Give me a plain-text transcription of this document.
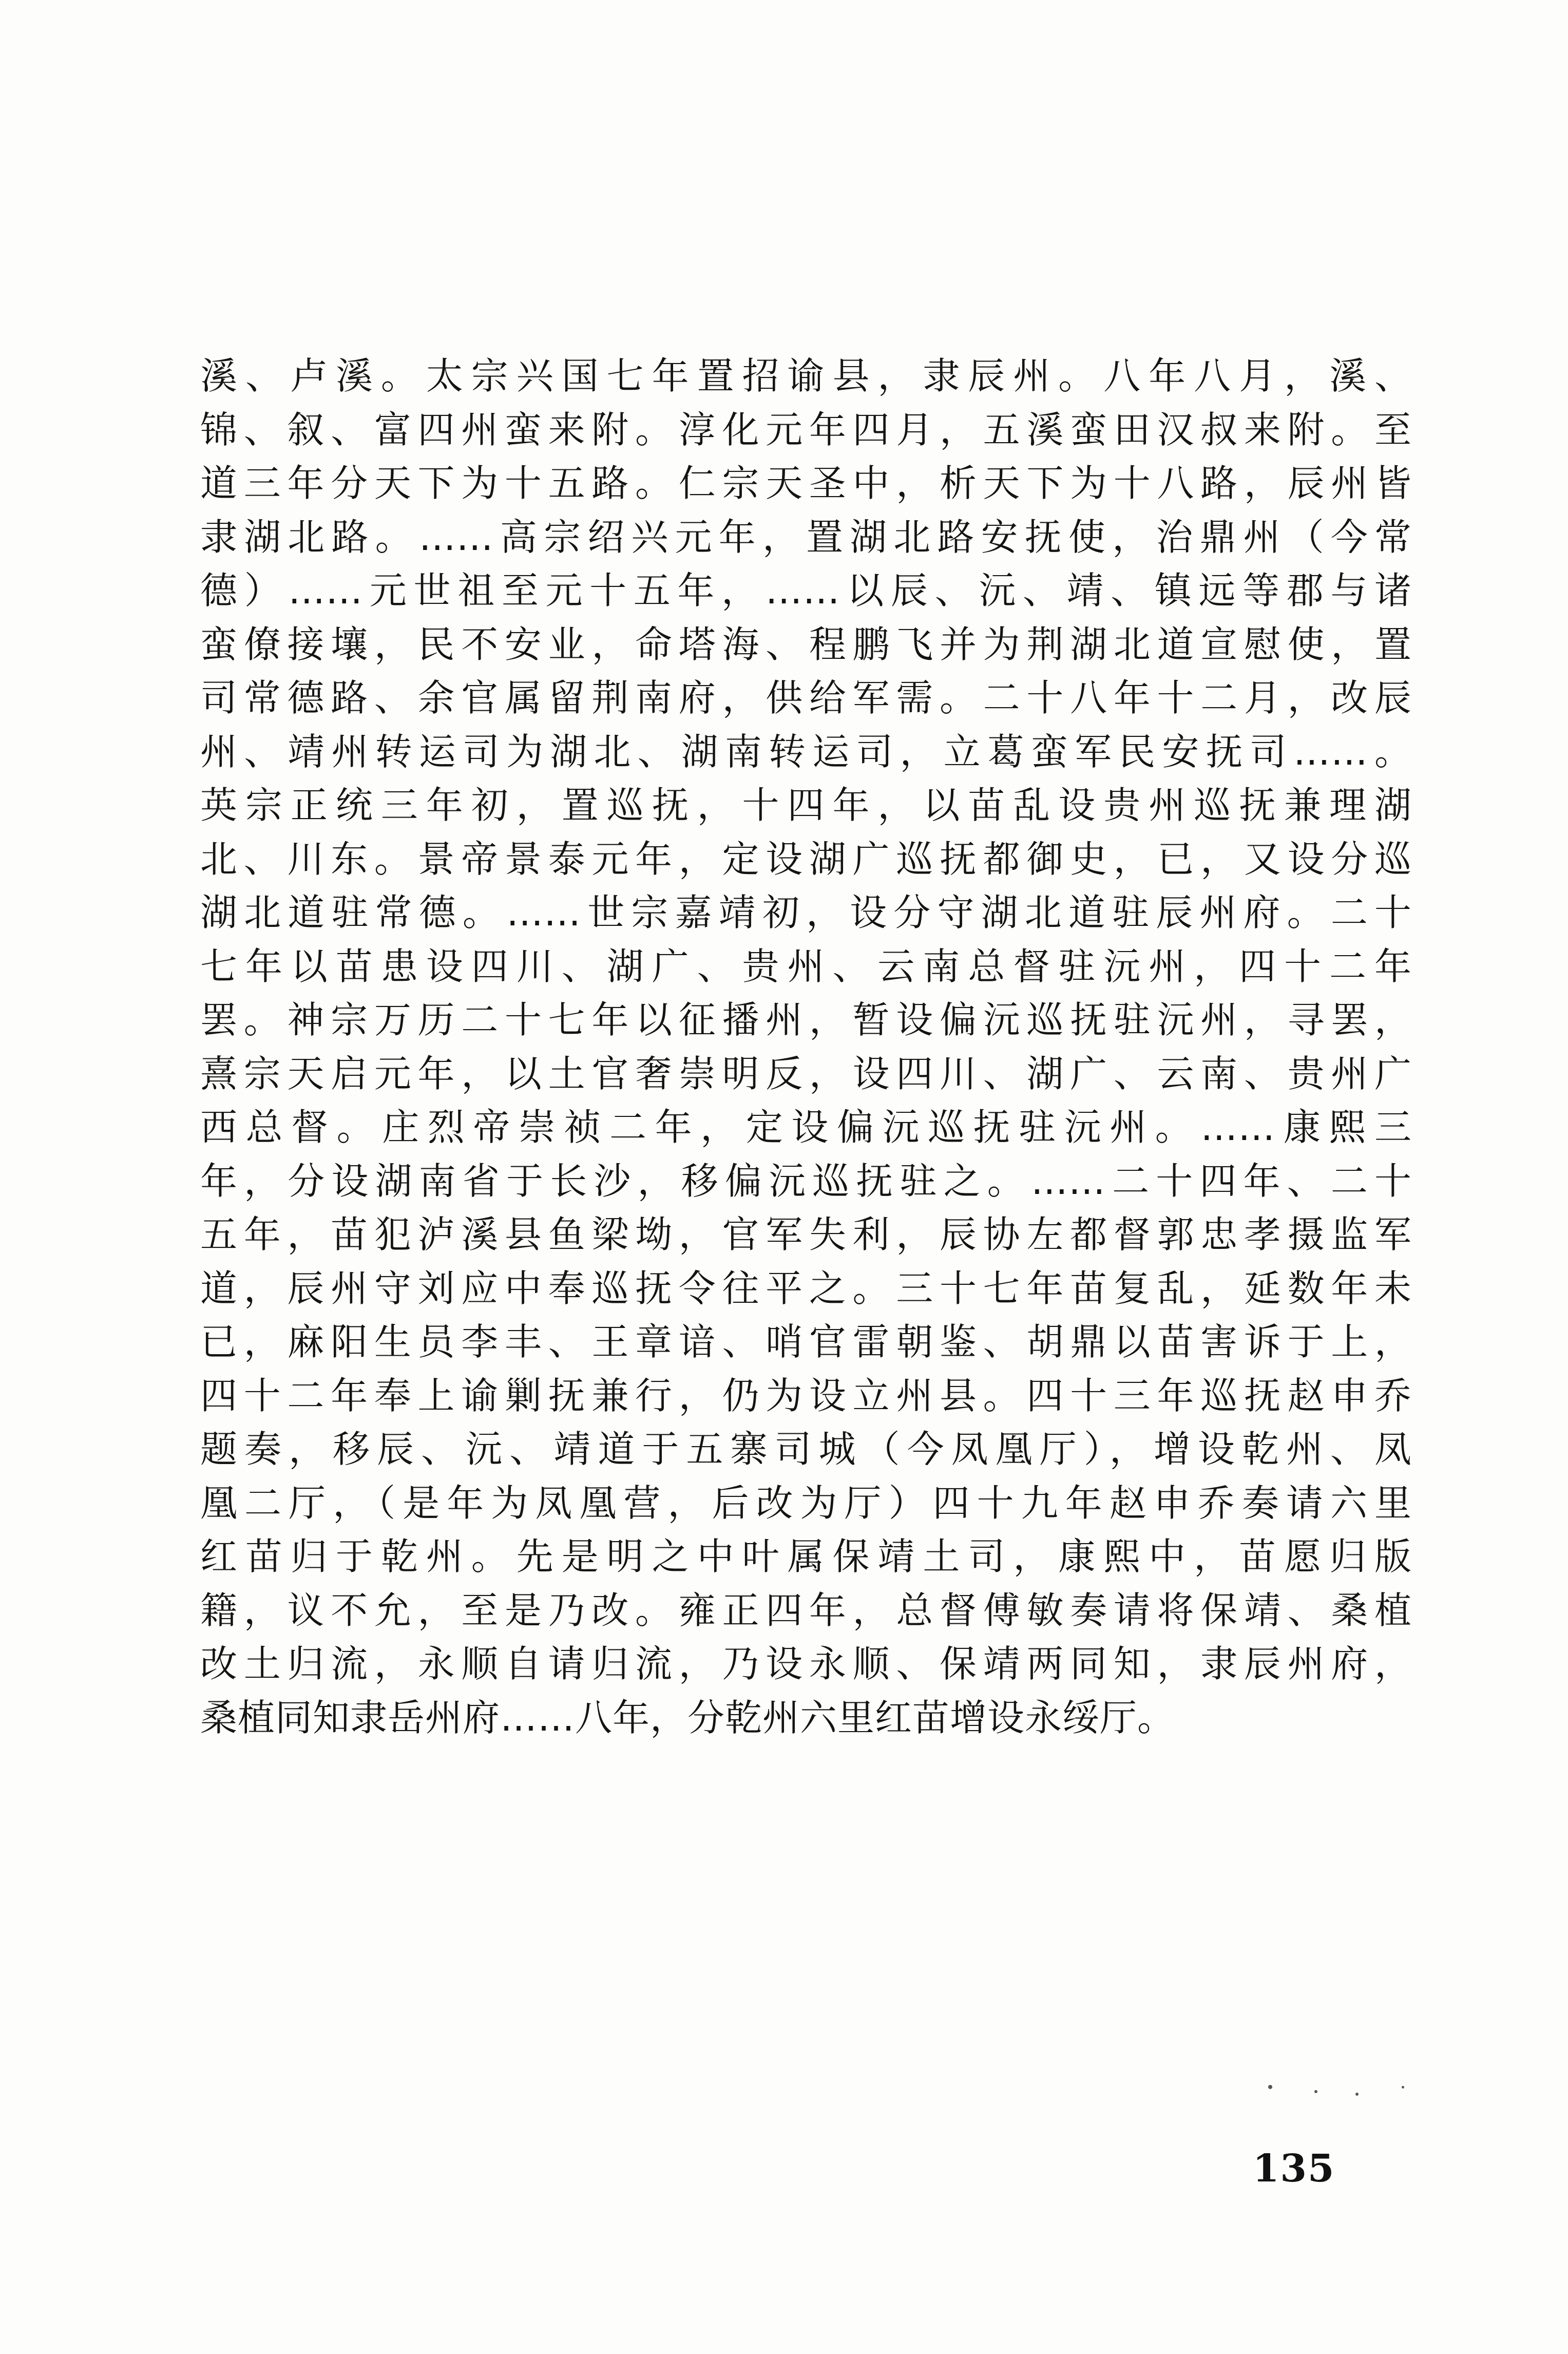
溪、卢溪。太宗兴国七年置招谕县，隶辰州。八年八月，溪、
锦、叙、富四州蛮来附。淳化元年四月，五溪蛮田汉叔来附。至
道三年分天下为十五路。仁宗天圣中，析天下为十八路，辰州皆
隶湖北路。……高宗绍兴元年，置湖北路安抚使，治鼎州（今常
德）……元世祖至元十五年，……以辰、沅、靖、镇远等郡与诸
蛮僚接壤，民不安业，命塔海、程鹏飞并为荆湖北道宣慰使，置
司常德路、余官属留荆南府，供给军需。二十八年十二月，改辰
州、靖州转运司为湖北、湖南转运司，立葛蛮军民安抚司……。
英宗正统三年初，置巡抚，十四年，以苗乱设贵州巡抚兼理湖
北、川东。景帝景泰元年，定设湖广巡抚都御史，已，又设分巡
湖北道驻常德。……世宗嘉靖初，设分守湖北道驻辰州府。二十
七年以苗患设四川、湖广、贵州、云南总督驻沅州，四十二年
罢。神宗万历二十七年以征播州，暂设偏沅巡抚驻沅州，寻罢，
熹宗天启元年，以土官奢崇明反，设四川、湖广、云南、贵州广
西总督。庄烈帝崇祯二年，定设偏沅巡抚驻沅州。……康熙三
年，分设湖南省于长沙，移偏沅巡抚驻之。……二十四年、二十
五年，苗犯泸溪县鱼梁坳，官军失利，辰协左都督郭忠孝摄监军
道，辰州守刘应中奉巡抚令往平之。三十七年苗复乱，延数年未
已，麻阳生员李丰、王章谙、哨官雷朝鉴、胡鼎以苗害诉于上，
四十二年奉上谕剿抚兼行，仍为设立州县。四十三年巡抚赵申乔
题奏，移辰、沅、靖道于五寨司城（今凤凰厅），增设乾州、凤
凰二厅，（是年为凤凰营，后改为厅）四十九年赵申乔奏请六里
红苗归于乾州。先是明之中叶属保靖土司，康熙中，苗愿归版
籍，议不允，至是乃改。雍正四年，总督傅敏奏请将保靖、桑植
改土归流，永顺自请归流，乃设永顺、保靖两同知，隶辰州府，
桑植同知隶岳州府……八年，分乾州六里红苗增设永绥厅。
135
